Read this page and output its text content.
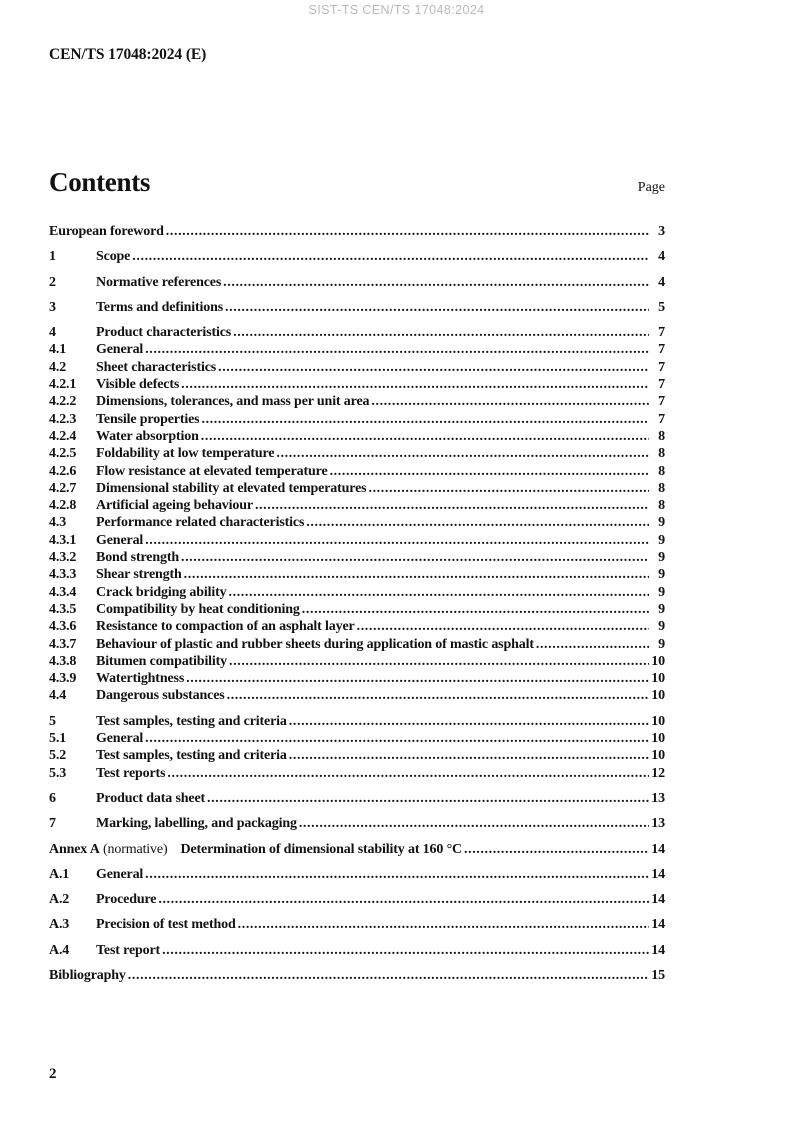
SIST-TS CEN/TS 17048:2024
CEN/TS 17048:2024 (E)
Contents	Page
European foreword .....	3
1	Scope .....	4
2	Normative references .....	4
3	Terms and definitions .....	5
4	Product characteristics .....	7
4.1	General .....	7
4.2	Sheet characteristics .....	7
4.2.1	Visible defects .....	7
4.2.2	Dimensions, tolerances, and mass per unit area .....	7
4.2.3	Tensile properties .....	7
4.2.4	Water absorption .....	8
4.2.5	Foldability at low temperature .....	8
4.2.6	Flow resistance at elevated temperature .....	8
4.2.7	Dimensional stability at elevated temperatures .....	8
4.2.8	Artificial ageing behaviour .....	8
4.3	Performance related characteristics .....	9
4.3.1	General .....	9
4.3.2	Bond strength .....	9
4.3.3	Shear strength .....	9
4.3.4	Crack bridging ability .....	9
4.3.5	Compatibility by heat conditioning .....	9
4.3.6	Resistance to compaction of an asphalt layer .....	9
4.3.7	Behaviour of plastic and rubber sheets during application of mastic asphalt .....	9
4.3.8	Bitumen compatibility .....	10
4.3.9	Watertightness .....	10
4.4	Dangerous substances .....	10
5	Test samples, testing and criteria .....	10
5.1	General .....	10
5.2	Test samples, testing and criteria .....	10
5.3	Test reports .....	12
6	Product data sheet .....	13
7	Marking, labelling, and packaging .....	13
Annex A (normative) Determination of dimensional stability at 160 °C .....	14
A.1	General .....	14
A.2	Procedure .....	14
A.3	Precision of test method .....	14
A.4	Test report .....	14
Bibliography .....	15
2
